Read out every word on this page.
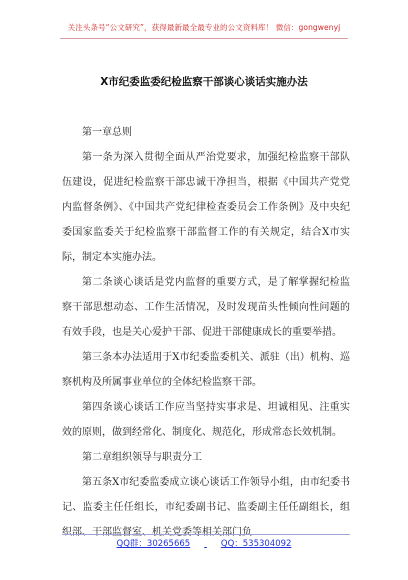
关注头条号“公文研究”，获得最新最全最专业的公文资料库！ 微信：gongwenyj
X市纪委监委纪检监察干部谈心谈话实施办法

第一章总则

第一条为深入贯彻全面从严治党要求，加强纪检监察干部队伍建设，促进纪检监察干部忠诚干净担当，根据《中国共产党党内监督条例》、《中国共产党纪律检查委员会工作条例》及中央纪委国家监委关于纪检监察干部监督工作的有关规定，结合X市实际，制定本实施办法。

第二条谈心谈话是党内监督的重要方式，是了解掌握纪检监察干部思想动态、工作生活情况，及时发现苗头性倾向性问题的有效手段，也是关心爱护干部、促进干部健康成长的重要举措。

第三条本办法适用于X市纪委监委机关、派驻（出）机构、巡察机构及所属事业单位的全体纪检监察干部。

第四条谈心谈话工作应当坚持实事求是、坦诚相见、注重实效的原则，做到经常化、制度化、规范化，形成常态长效机制。

第二章组织领导与职责分工

第五条X市纪委监委成立谈心谈话工作领导小组，由市纪委书记、监委主任任组长，市纪委副书记、监委副主任任副组长，组织部、干部监督室、机关党委等相关部门负

QQ群：30265665	QQ：535304092
